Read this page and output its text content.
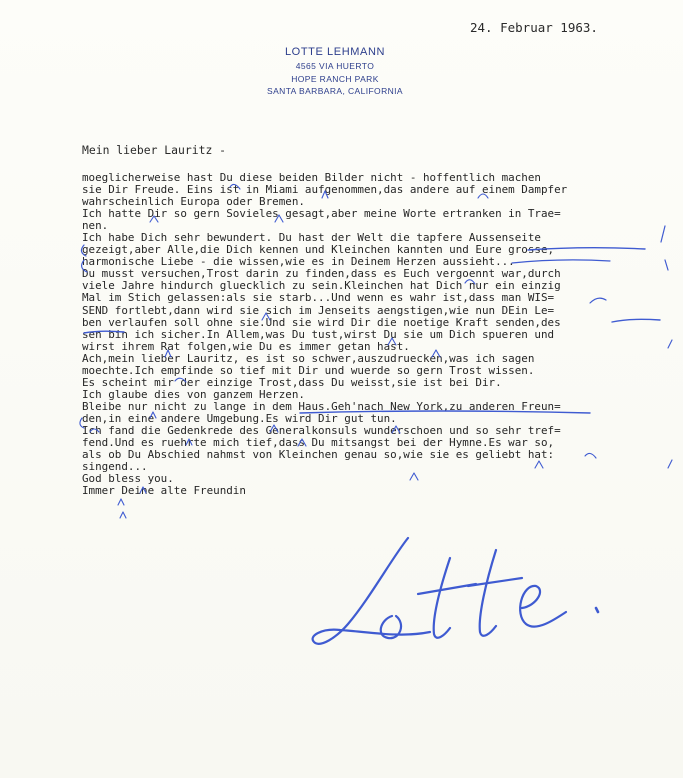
24. Februar 1963.
LOTTE LEHMANN
4565 VIA HUERTO
HOPE RANCH PARK
SANTA BARBARA, CALIFORNIA
Mein lieber Lauritz -
moeglicherweise hast Du diese beiden Bilder nicht - hoffentlich machen
sie Dir Freude. Eins ist in Miami aufgenommen,das andere auf einem Dampfer
wahrscheinlich Europa oder Bremen.
Ich hatte Dir so gern Sovieles gesagt,aber meine Worte ertranken in Trae=
nen.
Ich habe Dich sehr bewundert. Du hast der Welt die tapfere Aussenseite
gezeigt,aber Alle,die Dich kennen und Kleinchen kannten und Eure grosse,
harmonische Liebe - die wissen,wie es in Deinem Herzen aussieht...
Du musst versuchen,Trost darin zu finden,dass es Euch vergoennt war,durch
viele Jahre hindurch gluecklich zu sein.Kleinchen hat Dich nur ein einzig
Mal im Stich gelassen:als sie starb...Und wenn es wahr ist,dass man WIS=
SEND fortlebt,dann wird sie sich im Jenseits aengstigen,wie nun DEin Le=
ben verlaufen soll ohne sie.Und sie wird Dir die noetige Kraft senden,des
sen bin ich sicher.In Allem,was Du tust,wirst Du sie um Dich spueren und
wirst ihrem Rat folgen,wie Du es immer getan hast.
Ach,mein lieber Lauritz, es ist so schwer,auszudruecken,was ich sagen
moechte.Ich empfinde so tief mit Dir und wuerde so gern Trost wissen.
Es scheint mir der einzige Trost,dass Du weisst,sie ist bei Dir.
Ich glaube dies von ganzem Herzen.
Bleibe nur nicht zu lange in dem Haus.Geh'nach New York,zu anderen Freun=
den,in eine andere Umgebung.Es wird Dir gut tun.
Ich fand die Gedenkrede des Generalkonsuls wunderschoen und so sehr tref=
fend.Und es ruehrte mich tief,dass Du mitsangst bei der Hymne.Es war so,
als ob Du Abschied nahmst von Kleinchen genau so,wie sie es geliebt hat:
singend...
God bless you.
Immer Deine alte Freundin
